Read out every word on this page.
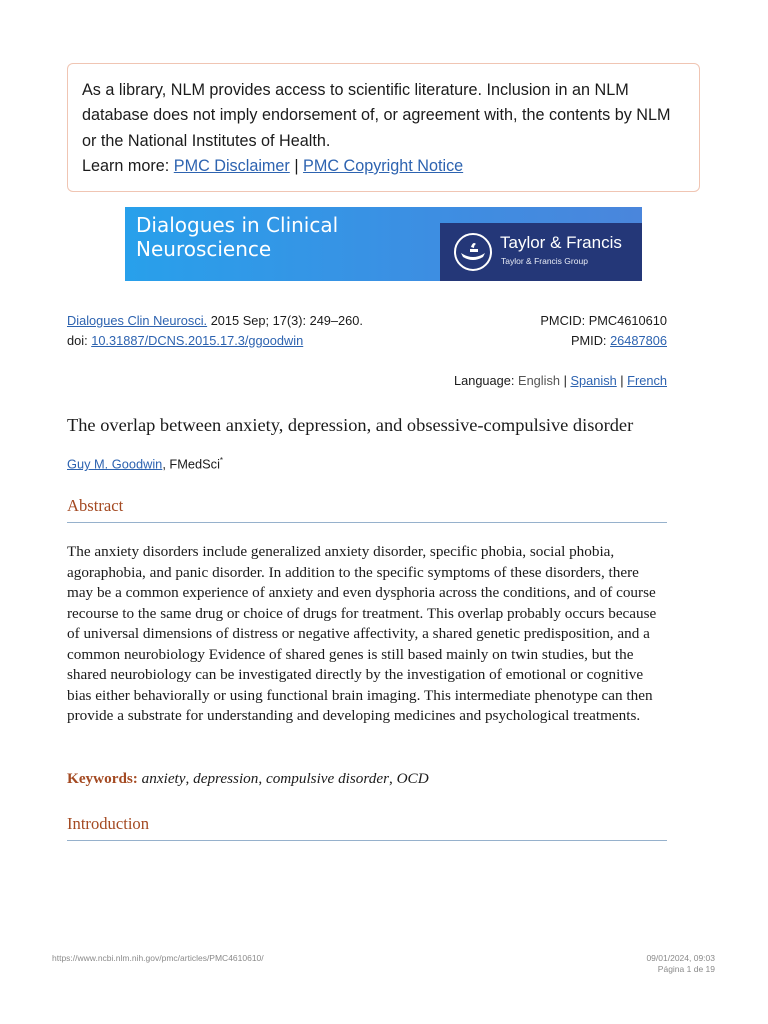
As a library, NLM provides access to scientific literature. Inclusion in an NLM database does not imply endorsement of, or agreement with, the contents by NLM or the National Institutes of Health.
Learn more: PMC Disclaimer | PMC Copyright Notice
Dialogues in Clinical
Neuroscience	Taylor & Francis
Taylor & Francis Group
Dialogues Clin Neurosci. 2015 Sep; 17(3): 249–260.
doi: 10.31887/DCNS.2015.17.3/ggoodwin
PMCID: PMC4610610
PMID: 26487806
Language: English | Spanish | French
The overlap between anxiety, depression, and obsessive-compulsive disorder
Guy M. Goodwin, FMedSci*
Abstract

The anxiety disorders include generalized anxiety disorder, specific phobia, social phobia, agoraphobia, and panic disorder. In addition to the specific symptoms of these disorders, there may be a common experience of anxiety and even dysphoria across the conditions, and of course recourse to the same drug or choice of drugs for treatment. This overlap probably occurs because of universal dimensions of distress or negative affectivity, a shared genetic predisposition, and a common neurobiology Evidence of shared genes is still based mainly on twin studies, but the shared neurobiology can be investigated directly by the investigation of emotional or cognitive bias either behaviorally or using functional brain imaging. This intermediate phenotype can then provide a substrate for understanding and developing medicines and psychological treatments.

Keywords: anxiety, depression, compulsive disorder, OCD
Introduction
https://www.ncbi.nlm.nih.gov/pmc/articles/PMC4610610/	09/01/2024, 09:03
Página 1 de 19
